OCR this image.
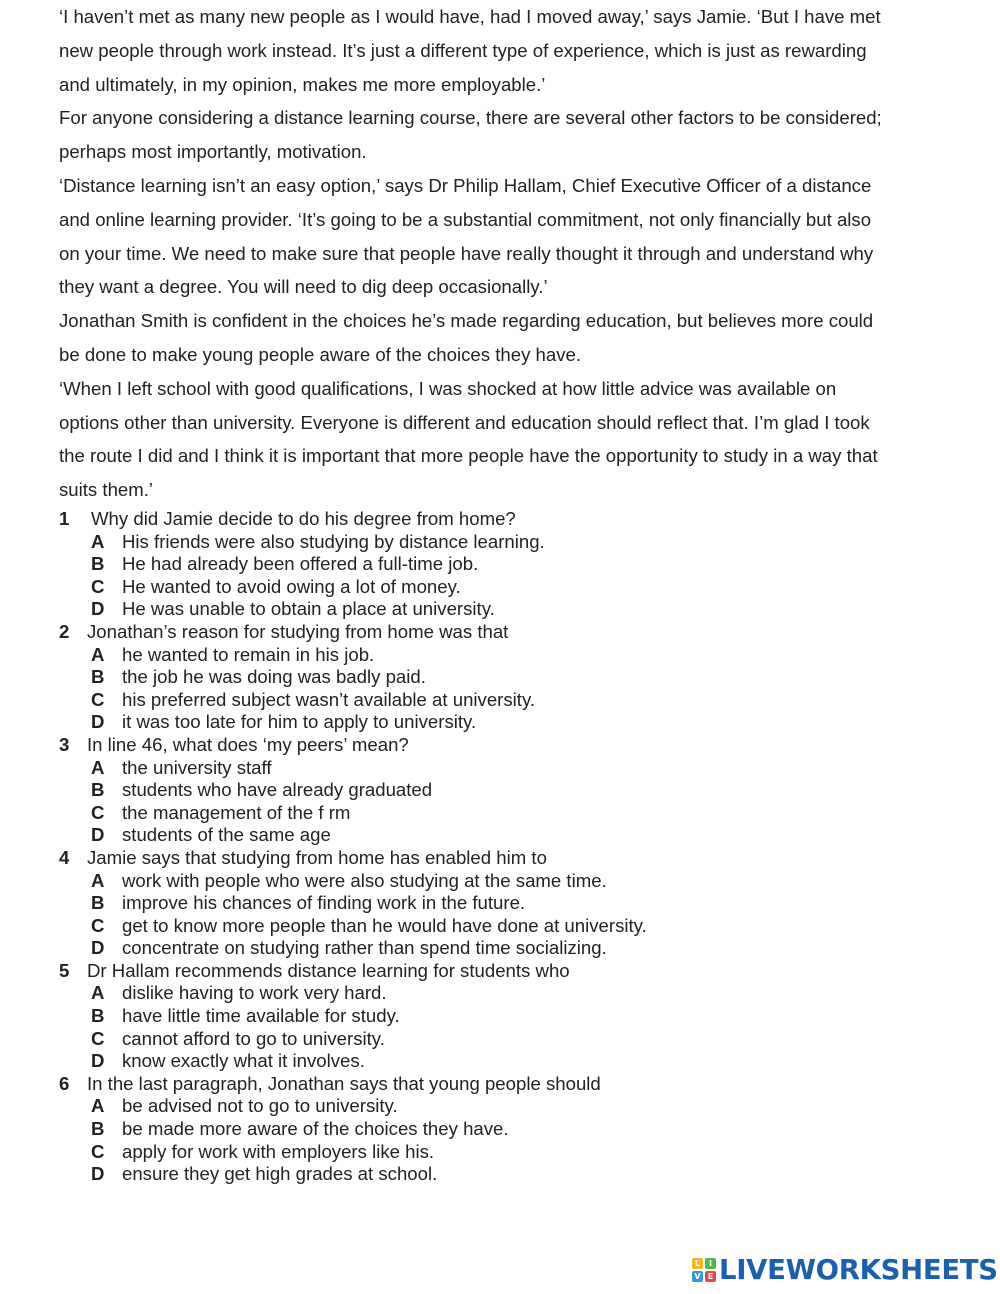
‘I haven’t met as many new people as I would have, had I moved away,’ says Jamie. ‘But I have met

new people through work instead. It’s just a different type of experience, which is just as rewarding

and ultimately, in my opinion, makes me more employable.’

For anyone considering a distance learning course, there are several other factors to be considered;

perhaps most importantly, motivation.

‘Distance learning isn’t an easy option,’ says Dr Philip Hallam, Chief Executive Officer of a distance

and online learning provider. ‘It’s going to be a substantial commitment, not only financially but also

on your time. We need to make sure that people have really thought it through and understand why

they want a degree. You will need to dig deep occasionally.’

Jonathan Smith is confident in the choices he’s made regarding education, but believes more could

be done to make young people aware of the choices they have.

‘When I left school with good qualifications, I was shocked at how little advice was available on

options other than university. Everyone is different and education should reflect that. I’m glad I took

the route I did and I think it is important that more people have the opportunity to study in a way that

suits them.’

1	Why did Jamie decide to do his degree from home?
A His friends were also studying by distance learning.
B He had already been offered a full-time job.
C He wanted to avoid owing a lot of money.
D He was unable to obtain a place at university.
2 Jonathan’s reason for studying from home was that
A he wanted to remain in his job.
B the job he was doing was badly paid.
C his preferred subject wasn’t available at university.
D it was too late for him to apply to university.
3 In line 46, what does ‘my peers’ mean?
A the university staff
B students who have already graduated
C the management of the f rm
D students of the same age
4 Jamie says that studying from home has enabled him to
A work with people who were also studying at the same time.
B improve his chances of finding work in the future.
C get to know more people than he would have done at university.
D concentrate on studying rather than spend time socializing.
5 Dr Hallam recommends distance learning for students who
A dislike having to work very hard.
B have little time available for study.
C cannot afford to go to university.
D know exactly what it involves.
6 In the last paragraph, Jonathan says that young people should
A be advised not to go to university.
B be made more aware of the choices they have.
C apply for work with employers like his.
D ensure they get high grades at school.
L	I
V E LIVEWORKSHEETS
